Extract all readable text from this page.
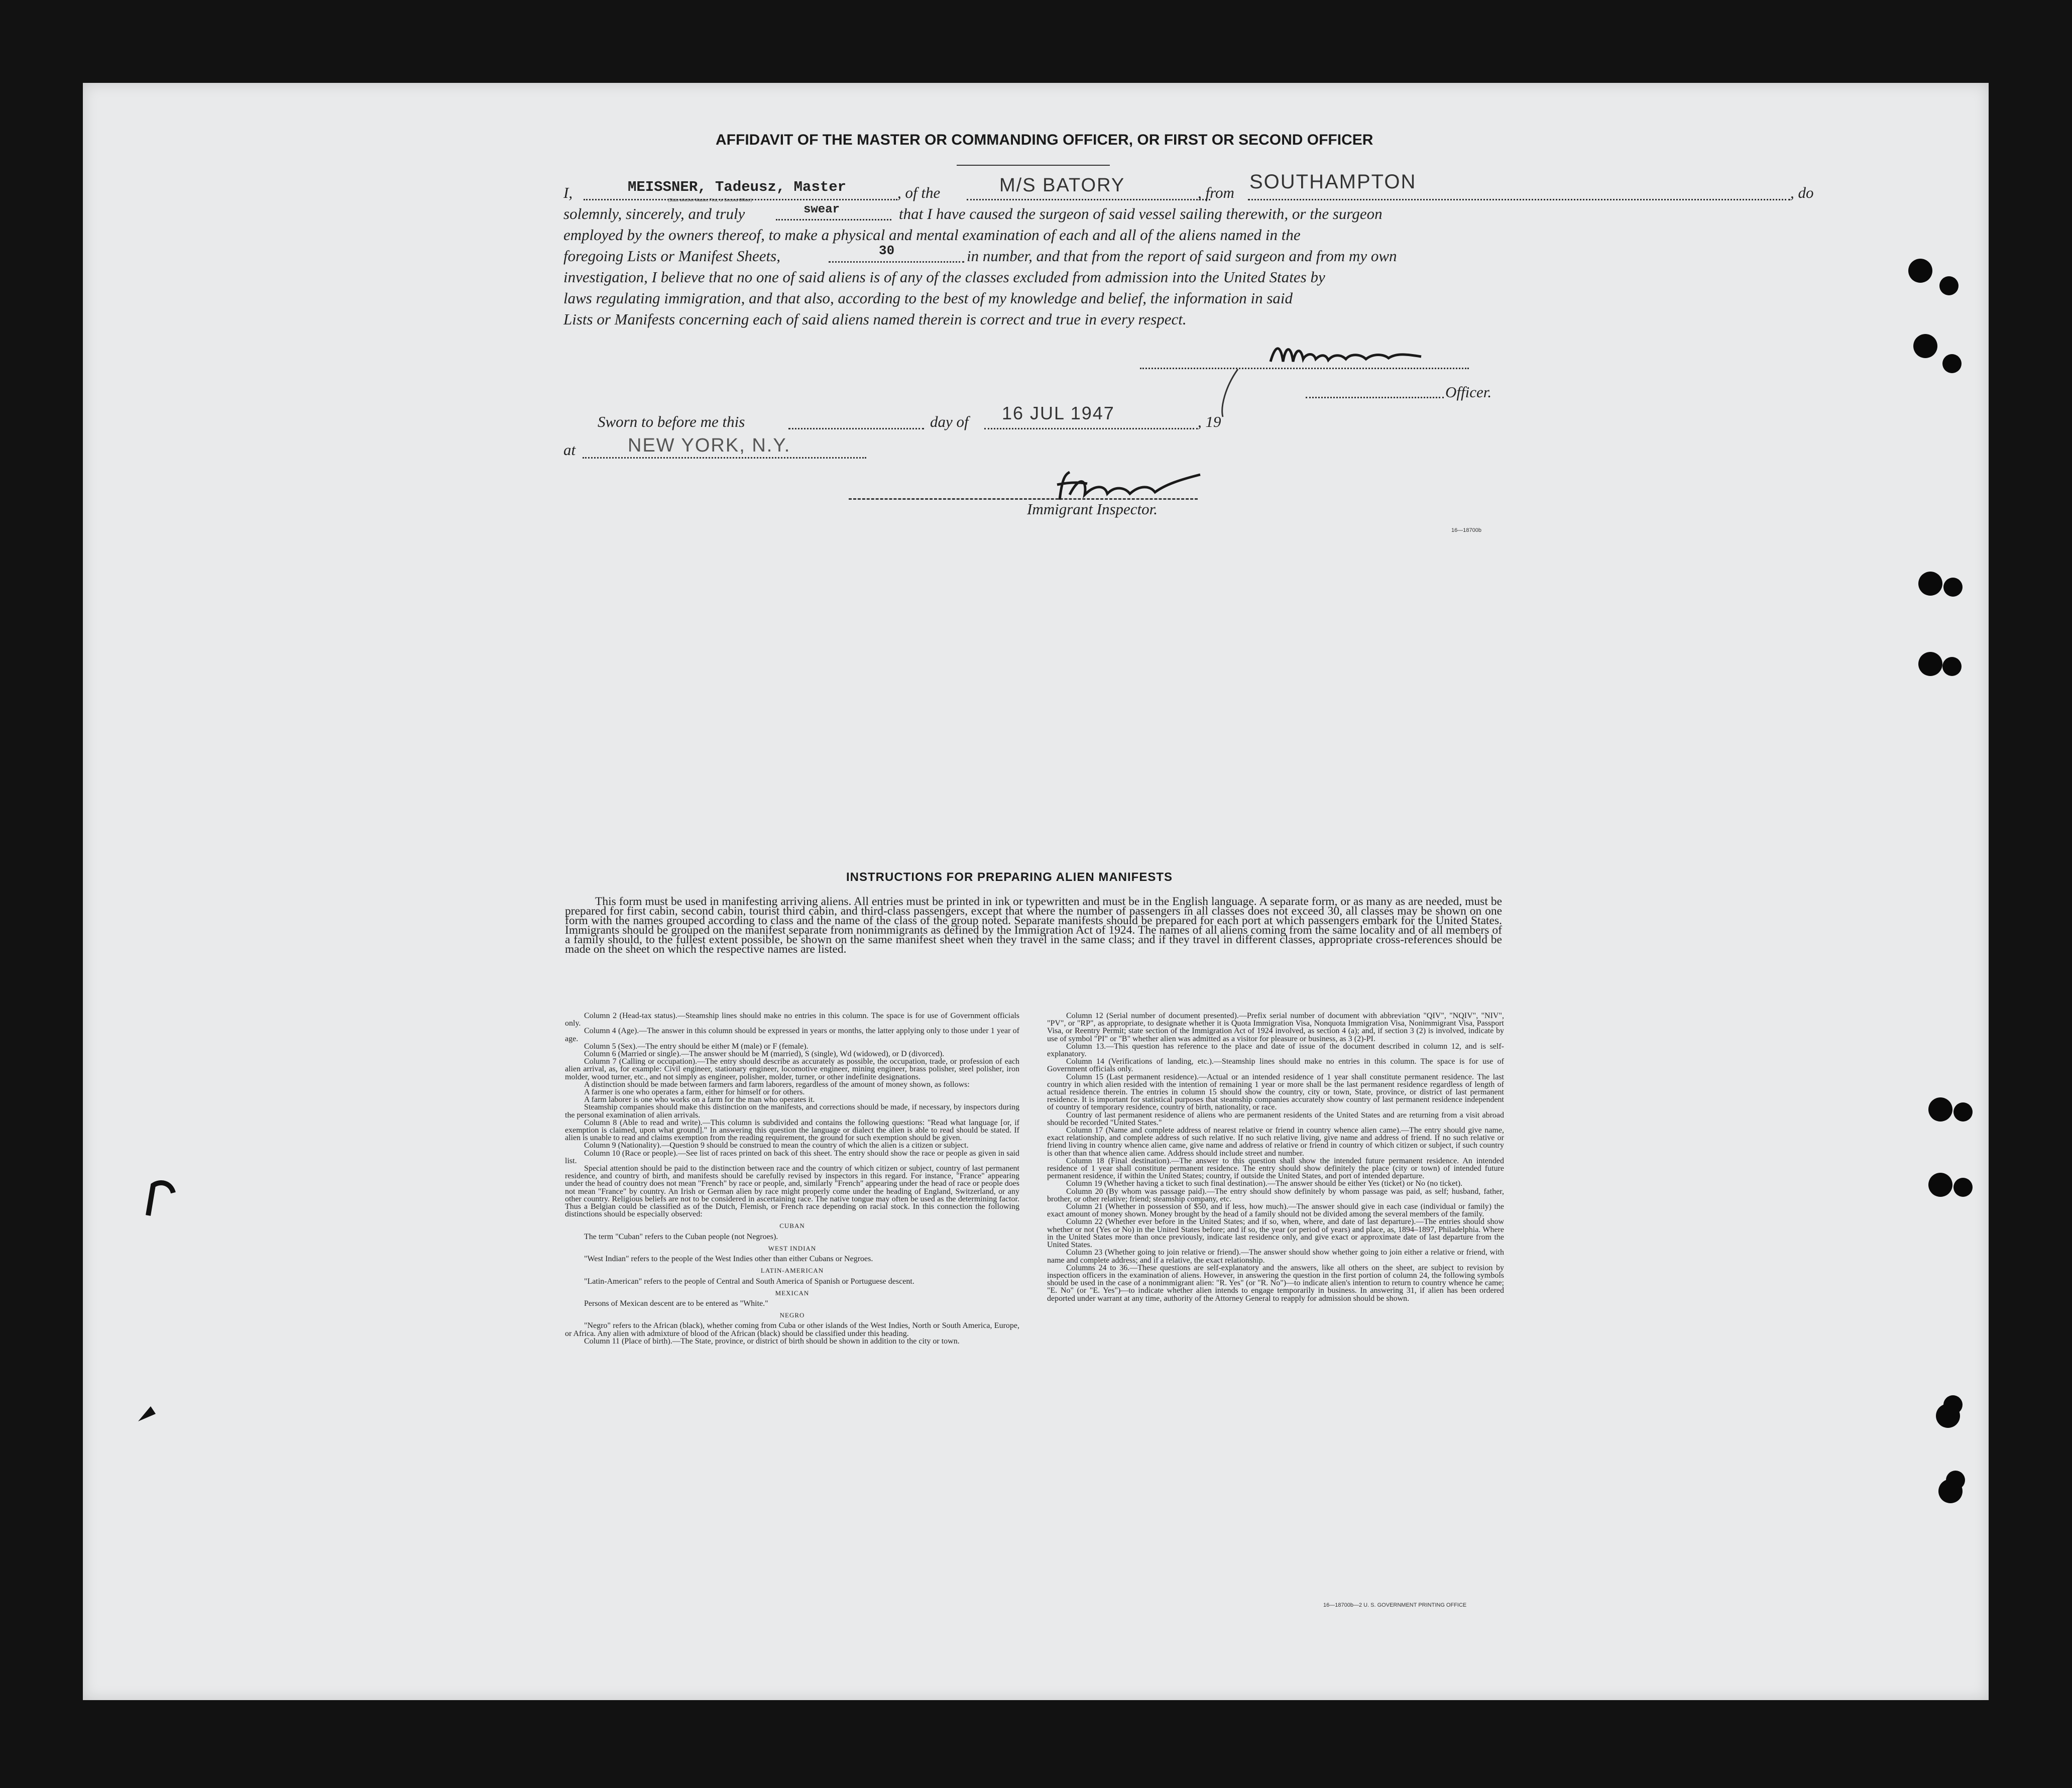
AFFIDAVIT OF THE MASTER OR COMMANDING OFFICER, OR FIRST OR SECOND OFFICER
I,	MEISSNER, Tadeusz, Master
(State whether Master, First, or Second Officer)	, of the	M/S BATORY	, from SOUTHAMPTON	, do
solemnly, sincerely, and truly	swear	that I have caused the surgeon of said vessel sailing therewith, or the surgeon
employed by the owners thereof, to make a physical and mental examination of each and all of the aliens named in the
foregoing Lists or Manifest Sheets,	30	in number, and that from the report of said surgeon and from my own
investigation, I believe that no one of said aliens is of any of the classes excluded from admission into the United States by
laws regulating immigration, and that also, according to the best of my knowledge and belief, the information in said
Lists or Manifests concerning each of said aliens named therein is correct and true in every respect.
Officer.
Sworn to before me this	day of 16 JUL 1947	, 19
at	NEW YORK, N.Y.
Immigrant Inspector.
16—18700b
INSTRUCTIONS FOR PREPARING ALIEN MANIFESTS
This form must be used in manifesting arriving aliens. All entries must be printed in ink or typewritten and must be in the English language. A separate form, or as many as are needed, must be prepared for first cabin, second cabin, tourist third cabin, and third-class passengers, except that where the number of passengers in all classes does not exceed 30, all classes may be shown on one form with the names grouped according to class and the name of the class of the group noted. Separate manifests should be prepared for each port at which passengers embark for the United States. Immigrants should be grouped on the manifest separate from nonimmigrants as defined by the Immigration Act of 1924. The names of all aliens coming from the same locality and of all members of a family should, to the fullest extent possible, be shown on the same manifest sheet when they travel in the same class; and if they travel in different classes, appropriate cross-references should be made on the sheet on which the respective names are listed.

Column 2 (Head-tax status).—Steamship lines should make no entries in this column. The space is for use of Government officials only.

Column 4 (Age).—The answer in this column should be expressed in years or months, the latter applying only to those under 1 year of age.

Column 5 (Sex).—The entry should be either M (male) or F (female).

Column 6 (Married or single).—The answer should be M (married), S (single), Wd (widowed), or D (divorced).

Column 7 (Calling or occupation).—The entry should describe as accurately as possible, the occupation, trade, or profession of each alien arrival, as, for example: Civil engineer, stationary engineer, locomotive engineer, mining engineer, brass polisher, steel polisher, iron molder, wood turner, etc., and not simply as engineer, polisher, molder, turner, or other indefinite designations.

A distinction should be made between farmers and farm laborers, regardless of the amount of money shown, as follows:

A farmer is one who operates a farm, either for himself or for others.

A farm laborer is one who works on a farm for the man who operates it.

Steamship companies should make this distinction on the manifests, and corrections should be made, if necessary, by inspectors during the personal examination of alien arrivals.

Column 8 (Able to read and write).—This column is subdivided and contains the following questions: "Read what language [or, if exemption is claimed, upon what ground]." In answering this question the language or dialect the alien is able to read should be stated. If alien is unable to read and claims exemption from the reading requirement, the ground for such exemption should be given.

Column 9 (Nationality).—Question 9 should be construed to mean the country of which the alien is a citizen or subject.

Column 10 (Race or people).—See list of races printed on back of this sheet. The entry should show the race or people as given in said list.

Special attention should be paid to the distinction between race and the country of which citizen or subject, country of last permanent residence, and country of birth, and manifests should be carefully revised by inspectors in this regard. For instance, "France" appearing under the head of country does not mean "French" by race or people, and, similarly "French" appearing under the head of race or people does not mean "France" by country. An Irish or German alien by race might properly come under the heading of England, Switzerland, or any other country. Religious beliefs are not to be considered in ascertaining race. The native tongue may often be used as the determining factor. Thus a Belgian could be classified as of the Dutch, Flemish, or French race depending on racial stock. In this connection the following distinctions should be especially observed:

CUBAN

The term "Cuban" refers to the Cuban people (not Negroes).

WEST INDIAN

"West Indian" refers to the people of the West Indies other than either Cubans or Negroes.

LATIN-AMERICAN

"Latin-American" refers to the people of Central and South America of Spanish or Portuguese descent.

MEXICAN

Persons of Mexican descent are to be entered as "White."

NEGRO

"Negro" refers to the African (black), whether coming from Cuba or other islands of the West Indies, North or South America, Europe, or Africa. Any alien with admixture of blood of the African (black) should be classified under this heading.

Column 11 (Place of birth).—The State, province, or district of birth should be shown in addition to the city or town.

Column 12 (Serial number of document presented).—Prefix serial number of document with abbreviation "QIV", "NQIV", "NIV", "PV", or "RP", as appropriate, to designate whether it is Quota Immigration Visa, Nonquota Immigration Visa, Nonimmigrant Visa, Passport Visa, or Reentry Permit; state section of the Immigration Act of 1924 involved, as section 4 (a); and, if section 3 (2) is involved, indicate by use of symbol "PI" or "B" whether alien was admitted as a visitor for pleasure or business, as 3 (2)-PI.

Column 13.—This question has reference to the place and date of issue of the document described in column 12, and is self-explanatory.

Column 14 (Verifications of landing, etc.).—Steamship lines should make no entries in this column. The space is for use of Government officials only.

Column 15 (Last permanent residence).—Actual or an intended residence of 1 year shall constitute permanent residence. The last country in which alien resided with the intention of remaining 1 year or more shall be the last permanent residence regardless of length of actual residence therein. The entries in column 15 should show the country, city or town, State, province, or district of last permanent residence. It is important for statistical purposes that steamship companies accurately show country of last permanent residence independent of country of temporary residence, country of birth, nationality, or race.

Country of last permanent residence of aliens who are permanent residents of the United States and are returning from a visit abroad should be recorded "United States."

Column 17 (Name and complete address of nearest relative or friend in country whence alien came).—The entry should give name, exact relationship, and complete address of such relative. If no such relative living, give name and address of friend. If no such relative or friend living in country whence alien came, give name and address of relative or friend in country of which citizen or subject, if such country is other than that whence alien came. Address should include street and number.

Column 18 (Final destination).—The answer to this question shall show the intended future permanent residence. An intended residence of 1 year shall constitute permanent residence. The entry should show definitely the place (city or town) of intended future permanent residence, if within the United States; country, if outside the United States, and port of intended departure.

Column 19 (Whether having a ticket to such final destination).—The answer should be either Yes (ticket) or No (no ticket).

Column 20 (By whom was passage paid).—The entry should show definitely by whom passage was paid, as self; husband, father, brother, or other relative; friend; steamship company, etc.

Column 21 (Whether in possession of $50, and if less, how much).—The answer should give in each case (individual or family) the exact amount of money shown. Money brought by the head of a family should not be divided among the several members of the family.

Column 22 (Whether ever before in the United States; and if so, when, where, and date of last departure).—The entries should show whether or not (Yes or No) in the United States before; and if so, the year (or period of years) and place, as, 1894–1897, Philadelphia. Where in the United States more than once previously, indicate last residence only, and give exact or approximate date of last departure from the United States.

Column 23 (Whether going to join relative or friend).—The answer should show whether going to join either a relative or friend, with name and complete address; and if a relative, the exact relationship.

Columns 24 to 36.—These questions are self-explanatory and the answers, like all others on the sheet, are subject to revision by inspection officers in the examination of aliens. However, in answering the question in the first portion of column 24, the following symbols should be used in the case of a nonimmigrant alien: "R. Yes" (or "R. No")—to indicate alien's intention to return to country whence he came; "E. No" (or "E. Yes")—to indicate whether alien intends to engage temporarily in business. In answering 31, if alien has been ordered deported under warrant at any time, authority of the Attorney General to reapply for admission should be shown.

16—18700b—2 U. S. GOVERNMENT PRINTING OFFICE
